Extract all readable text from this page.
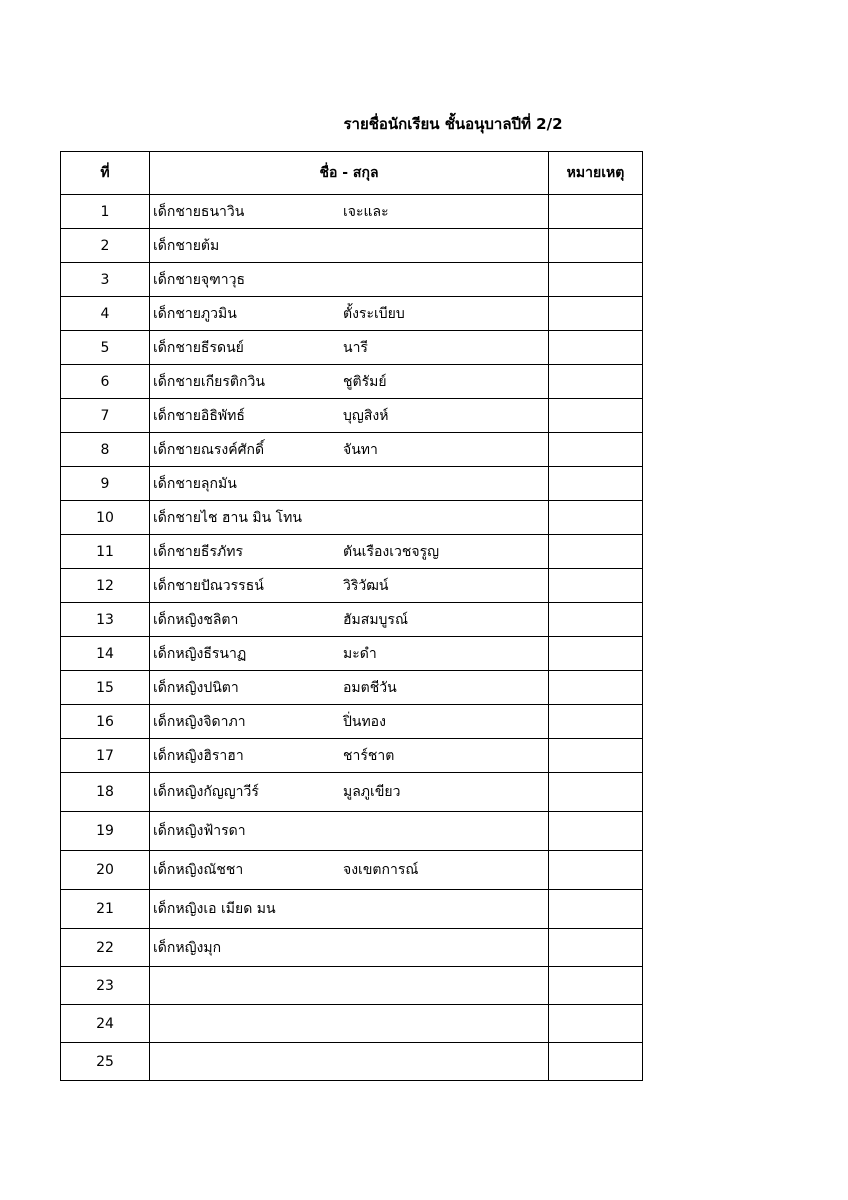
รายชื่อนักเรียน ชั้นอนุบาลปีที่ 2/2
ที่	ชื่อ - สกุล	หมายเหตุ
1	เด็กชายธนาวิน เจะและ	

2	เด็กชายต้ม	

3	เด็กชายจุฑาวุธ	

4	เด็กชายภูวมิน ตั้งระเบียบ	

5	เด็กชายธีรดนย์ นารี	

6	เด็กชายเกียรติกวิน ชูติรัมย์	

7	เด็กชายอิธิพัทธ์ บุญสิงห์	

8	เด็กชายณรงค์ศักดิ์ จันทา	

9	เด็กชายลุกมัน	

10	เด็กชายไช ฮาน มิน โทน	

11	เด็กชายธีรภัทร ตันเรืองเวชจรูญ	

12	เด็กชายปัณวรรธน์ วิริวัฒน์	

13	เด็กหญิงชลิตา ฮัมสมบูรณ์	

14	เด็กหญิงธีรนาฏ มะดำ	

15	เด็กหญิงปนิตา อมตชีวัน	

16	เด็กหญิงจิดาภา ปิ่นทอง	

17	เด็กหญิงฮิราฮา ชาร์ชาต	

18	เด็กหญิงกัญญาวีร์ มูลภูเขียว	

19	เด็กหญิงฟ้ารดา	

20	เด็กหญิงณัชชา จงเขตการณ์	

21	เด็กหญิงเอ เมียด มน	

22	เด็กหญิงมุก	

23	

24	

25	
